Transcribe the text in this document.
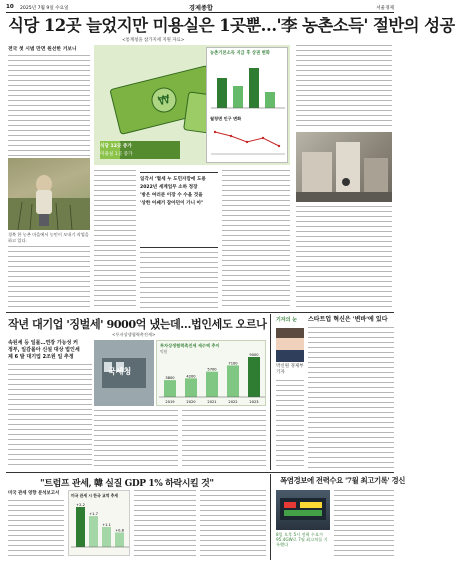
10 2025년 7월 9일 수요일	경제종합	서울경제
식당 12곳 늘었지만 미용실은 1곳뿐…'李 농촌소득' 절반의 성공
<통계청을 참가지세 지원 자료>
전국 첫 시범 만면 원선한 거보니
경북 한 농촌 마을에서 농민이 모내기 작업을 하고 있다.
₩
식당 12곳 증가
미용실 1곳 증가
농촌기본소득 지급 후 상권 변화
월청면 인구 변화
일각서 ‘혈세 누 도민자맘에 도용
2022년 세계업무 소하 정장
'방은 여러분 이장 수 수을 것을
'상한 어쌔거 잡아던이 가니 아"
작년 대기업 '징벌세' 9000억 냈는데…법인세도 오르나
<투자상생협력촉진세>
속된세 등 일몰…연장 가능성 커
정부, 일감몰아 신설 대상 법인세
제 6 발 대기업 2조원 일 추정
국세청
투자상생협력촉진세 세수액 추이
억원
3800
2019
4200
2020
5700
2021
7100
2022
9000
2023
기자의 눈 스타트업 혁신은 '변바'에 있다
박신원 경제부 기자
"트럼프 관세, 韓 실질 GDP 1% 하락시킬 것"
미국 관세 영향 분석보고서	미국 관세 시 한국 교역 추세
+2.2
+1.7
+1.1
+0.8
폭염경보에 전력수요 '7월 최고기록' 경신
8일 오후 5시 전력 수요가 95.4GW로 7월 최고치를 기록했다
